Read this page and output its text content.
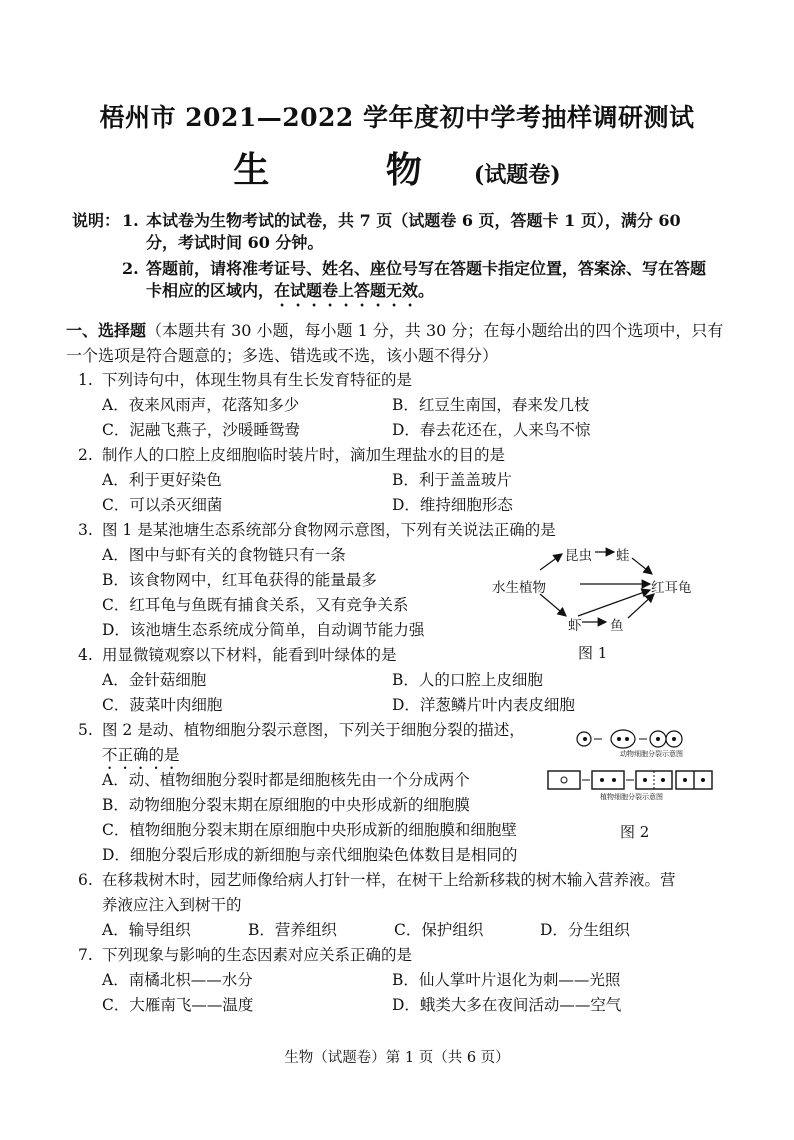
梧州市 2021—2022 学年度初中学考抽样调研测试
生 物(试题卷)
说明： 1. 本试卷为生物考试的试卷，共 7 页（试题卷 6 页，答题卡 1 页），满分 60 分，考试时间 60 分钟。
2. 答题前，请将准考证号、姓名、座位号写在答题卡指定位置，答案涂、写在答题卡相应的区域内，在试题卷上答题无效。
一、选择题（本题共有 30 小题，每小题 1 分，共 30 分；在每小题给出的四个选项中，只有一个选项是符合题意的；多选、错选或不选，该小题不得分）
1. 下列诗句中，体现生物具有生长发育特征的是
A．夜来风雨声，花落知多少	B．红豆生南国，春来发几枝
C．泥融飞燕子，沙暖睡鸳鸯	D．春去花还在，人来鸟不惊
2. 制作人的口腔上皮细胞临时装片时，滴加生理盐水的目的是
A．利于更好染色	B．利于盖盖玻片
C．可以杀灭细菌	D．维持细胞形态
3. 图 1 是某池塘生态系统部分食物网示意图，下列有关说法正确的是
A．图中与虾有关的食物链只有一条
B．该食物网中，红耳龟获得的能量最多
C．红耳龟与鱼既有捕食关系，又有竞争关系
D．该池塘生态系统成分简单，自动调节能力强
4. 用显微镜观察以下材料，能看到叶绿体的是
A．金针菇细胞	B．人的口腔上皮细胞
C．菠菜叶肉细胞	D．洋葱鳞片叶内表皮细胞
5. 图 2 是动、植物细胞分裂示意图，下列关于细胞分裂的描述，
不正确的是
A．动、植物细胞分裂时都是细胞核先由一个分成两个
B．动物细胞分裂末期在原细胞的中央形成新的细胞膜
C．植物细胞分裂末期在原细胞中央形成新的细胞膜和细胞壁
D．细胞分裂后形成的新细胞与亲代细胞染色体数目是相同的
6. 在移栽树木时，园艺师像给病人打针一样，在树干上给新移栽的树木输入营养液。营
养液应注入到树干的
A．输导组织	B．营养组织	C．保护组织	D．分生组织
7. 下列现象与影响的生态因素对应关系正确的是
A．南橘北枳——水分	B．仙人掌叶片退化为刺——光照
C．大雁南飞——温度	D．蛾类大多在夜间活动——空气
昆虫 蛙
水生植物	红耳龟
虾 鱼
图 1
动物细胞分裂示意图
植物细胞分裂示意图
图 2
生物（试题卷）第 1 页（共 6 页）
